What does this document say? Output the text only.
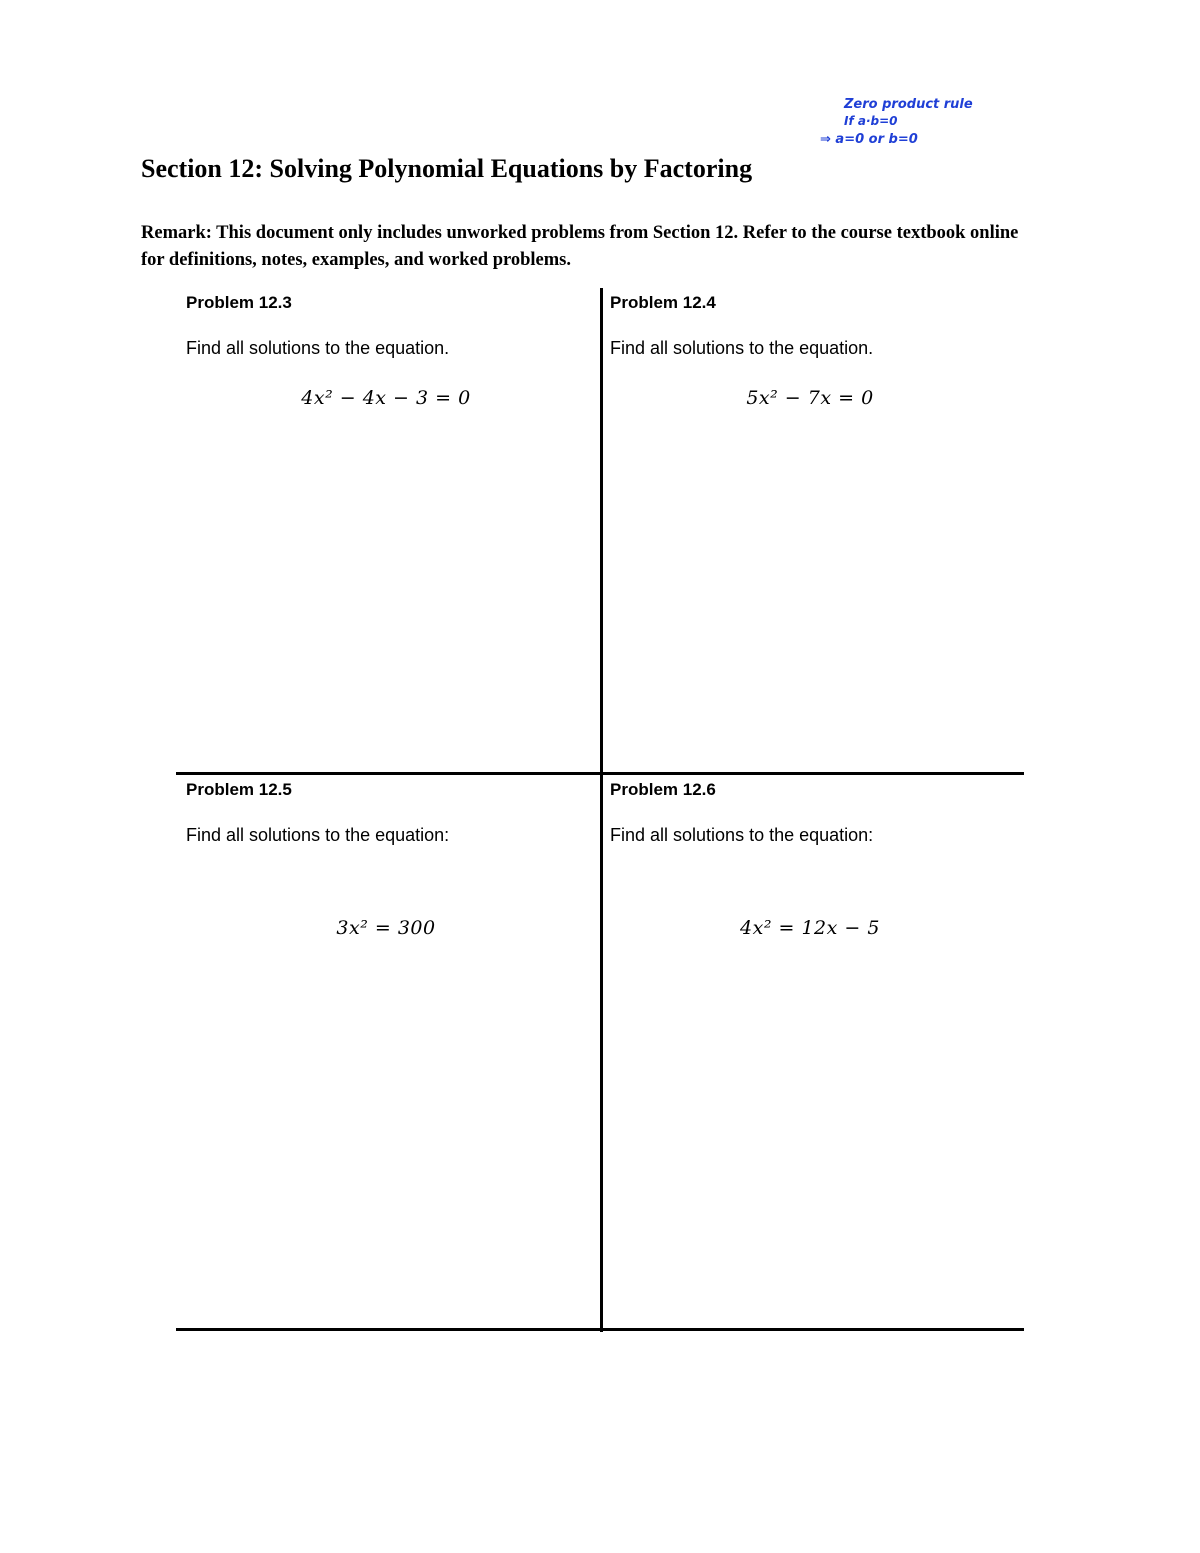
Zero product rule
If a·b=0
⇒ a=0 or b=0
Section 12: Solving Polynomial Equations by Factoring

Remark: This document only includes unworked problems from Section 12. Refer to the course textbook online for definitions, notes, examples, and worked problems.

Problem 12.3

Find all solutions to the equation.

4x² − 4x − 3 = 0

Problem 12.4

Find all solutions to the equation.

5x² − 7x = 0

Problem 12.5

Find all solutions to the equation:

3x² = 300

Problem 12.6

Find all solutions to the equation:

4x² = 12x − 5
